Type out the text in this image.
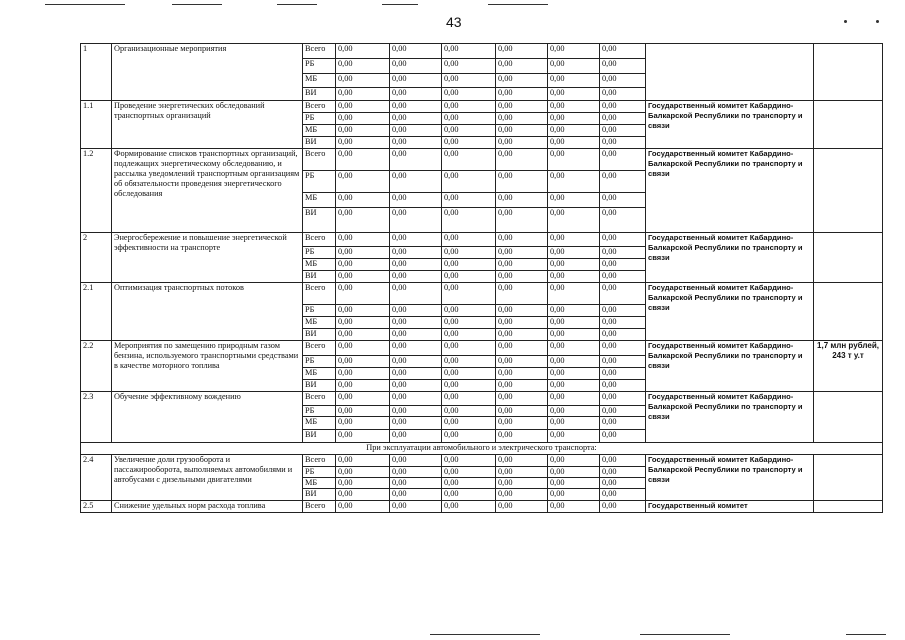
43
1	Организационные мероприятия	Всего	0,00	0,00	0,00	0,00	0,00	0,00		
		РБ	0,00	0,00	0,00	0,00	0,00	0,00		
		МБ	0,00	0,00	0,00	0,00	0,00	0,00		
		ВИ	0,00	0,00	0,00	0,00	0,00	0,00		
1.1	Проведение энергетических обследований транспортных организаций	Всего	0,00	0,00	0,00	0,00	0,00	0,00	Государственный комитет Кабардино-Балкарской Республики по транспорту и связи	
		РБ	0,00	0,00	0,00	0,00	0,00	0,00		
		МБ	0,00	0,00	0,00	0,00	0,00	0,00		
		ВИ	0,00	0,00	0,00	0,00	0,00	0,00		
1.2	Формирование списков транспортных организаций, подлежащих энергетическому обследованию, и рассылка уведомлений транспортным организациям об обязательности проведения энергетического обследования	Всего	0,00	0,00	0,00	0,00	0,00	0,00	Государственный комитет Кабардино-Балкарской Республики по транспорту и связи	
		РБ	0,00	0,00	0,00	0,00	0,00	0,00		
		МБ	0,00	0,00	0,00	0,00	0,00	0,00		
		ВИ	0,00	0,00	0,00	0,00	0,00	0,00		
2	Энергосбережение и повышение энергетической эффективности на транспорте	Всего	0,00	0,00	0,00	0,00	0,00	0,00	Государственный комитет Кабардино-Балкарской Республики по транспорту и связи	
		РБ	0,00	0,00	0,00	0,00	0,00	0,00		
		МБ	0,00	0,00	0,00	0,00	0,00	0,00		
		ВИ	0,00	0,00	0,00	0,00	0,00	0,00		
2.1	Оптимизация транспортных потоков	Всего	0,00	0,00	0,00	0,00	0,00	0,00	Государственный комитет Кабардино-Балкарской Республики по транспорту и связи	
		РБ	0,00	0,00	0,00	0,00	0,00	0,00		
		МБ	0,00	0,00	0,00	0,00	0,00	0,00		
		ВИ	0,00	0,00	0,00	0,00	0,00	0,00		
2.2	Мероприятия по замещению природным газом бензина, используемого транспортными средствами в качестве моторного топлива	Всего	0,00	0,00	0,00	0,00	0,00	0,00	Государственный комитет Кабардино-Балкарской Республики по транспорту и связи	1,7 млн рублей, 243 т у.т
		РБ	0,00	0,00	0,00	0,00	0,00	0,00		
		МБ	0,00	0,00	0,00	0,00	0,00	0,00		
		ВИ	0,00	0,00	0,00	0,00	0,00	0,00		
2.3	Обучение эффективному вождению	Всего	0,00	0,00	0,00	0,00	0,00	0,00	Государственный комитет Кабардино-Балкарской Республики по транспорту и связи	
		РБ	0,00	0,00	0,00	0,00	0,00	0,00		
		МБ	0,00	0,00	0,00	0,00	0,00	0,00		
		ВИ	0,00	0,00	0,00	0,00	0,00	0,00		
При эксплуатации автомобильного и электрического транспорта:										
2.4	Увеличение доли грузооборота и пассажирооборота, выполняемых автомобилями и автобусами с дизельными двигателями	Всего	0,00	0,00	0,00	0,00	0,00	0,00	Государственный комитет Кабардино-Балкарской Республики по транспорту и связи	
		РБ	0,00	0,00	0,00	0,00	0,00	0,00		
		МБ	0,00	0,00	0,00	0,00	0,00	0,00		
		ВИ	0,00	0,00	0,00	0,00	0,00	0,00		
2.5	Снижение удельных норм расхода топлива	Всего	0,00	0,00	0,00	0,00	0,00	0,00	Государственный комитет	
